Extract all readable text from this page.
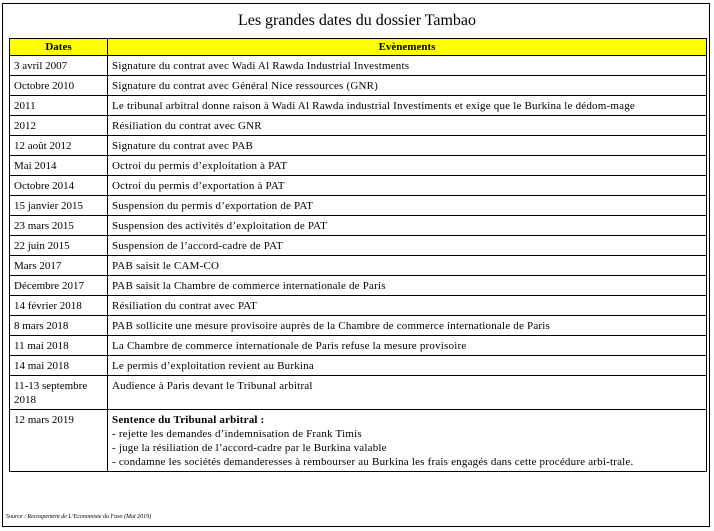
Les grandes dates du dossier Tambao
Dates	Evènements
3 avril 2007	Signature du contrat avec Wadi Al Rawda Industrial Investments
Octobre 2010	Signature du contrat avec Général Nice ressources (GNR)
2011	Le tribunal arbitral donne raison à Wadi Al Rawda industrial Investiments et exige que le Burkina le dédom-mage
2012	Résiliation du contrat avec GNR
12 août 2012	Signature du contrat avec PAB
Mai 2014	Octroi du permis d’exploitation à PAT
Octobre 2014	Octroi du permis d’exportation à PAT
15 janvier 2015	Suspension du permis d’exportation de PAT
23 mars 2015	Suspension des activités d’exploitation de PAT
22 juin 2015	Suspension de l’accord-cadre de PAT
Mars 2017	PAB saisit le CAM-CO
Décembre 2017	PAB saisit la Chambre de commerce internationale de Paris
14 février 2018	Résiliation du contrat avec PAT
8 mars 2018	PAB sollicite une mesure provisoire auprès de la Chambre de commerce internationale de Paris
11 mai 2018	La Chambre de commerce internationale de Paris refuse la mesure provisoire
14 mai 2018	Le permis d’exploitation revient au Burkina
11-13 septembre 2018	Audience à Paris devant le Tribunal arbitral
12 mars 2019	Sentence du Tribunal arbitral :
- rejette les demandes d’indemnisation de Frank Timis
- juge la résiliation de l’accord-cadre par le Burkina valable
- condamne les sociétés demanderesses à rembourser au Burkina les frais engagés dans cette procédure arbi-trale.
Source : Recoupement de L’Economiste du Faso (Mai 2019)
